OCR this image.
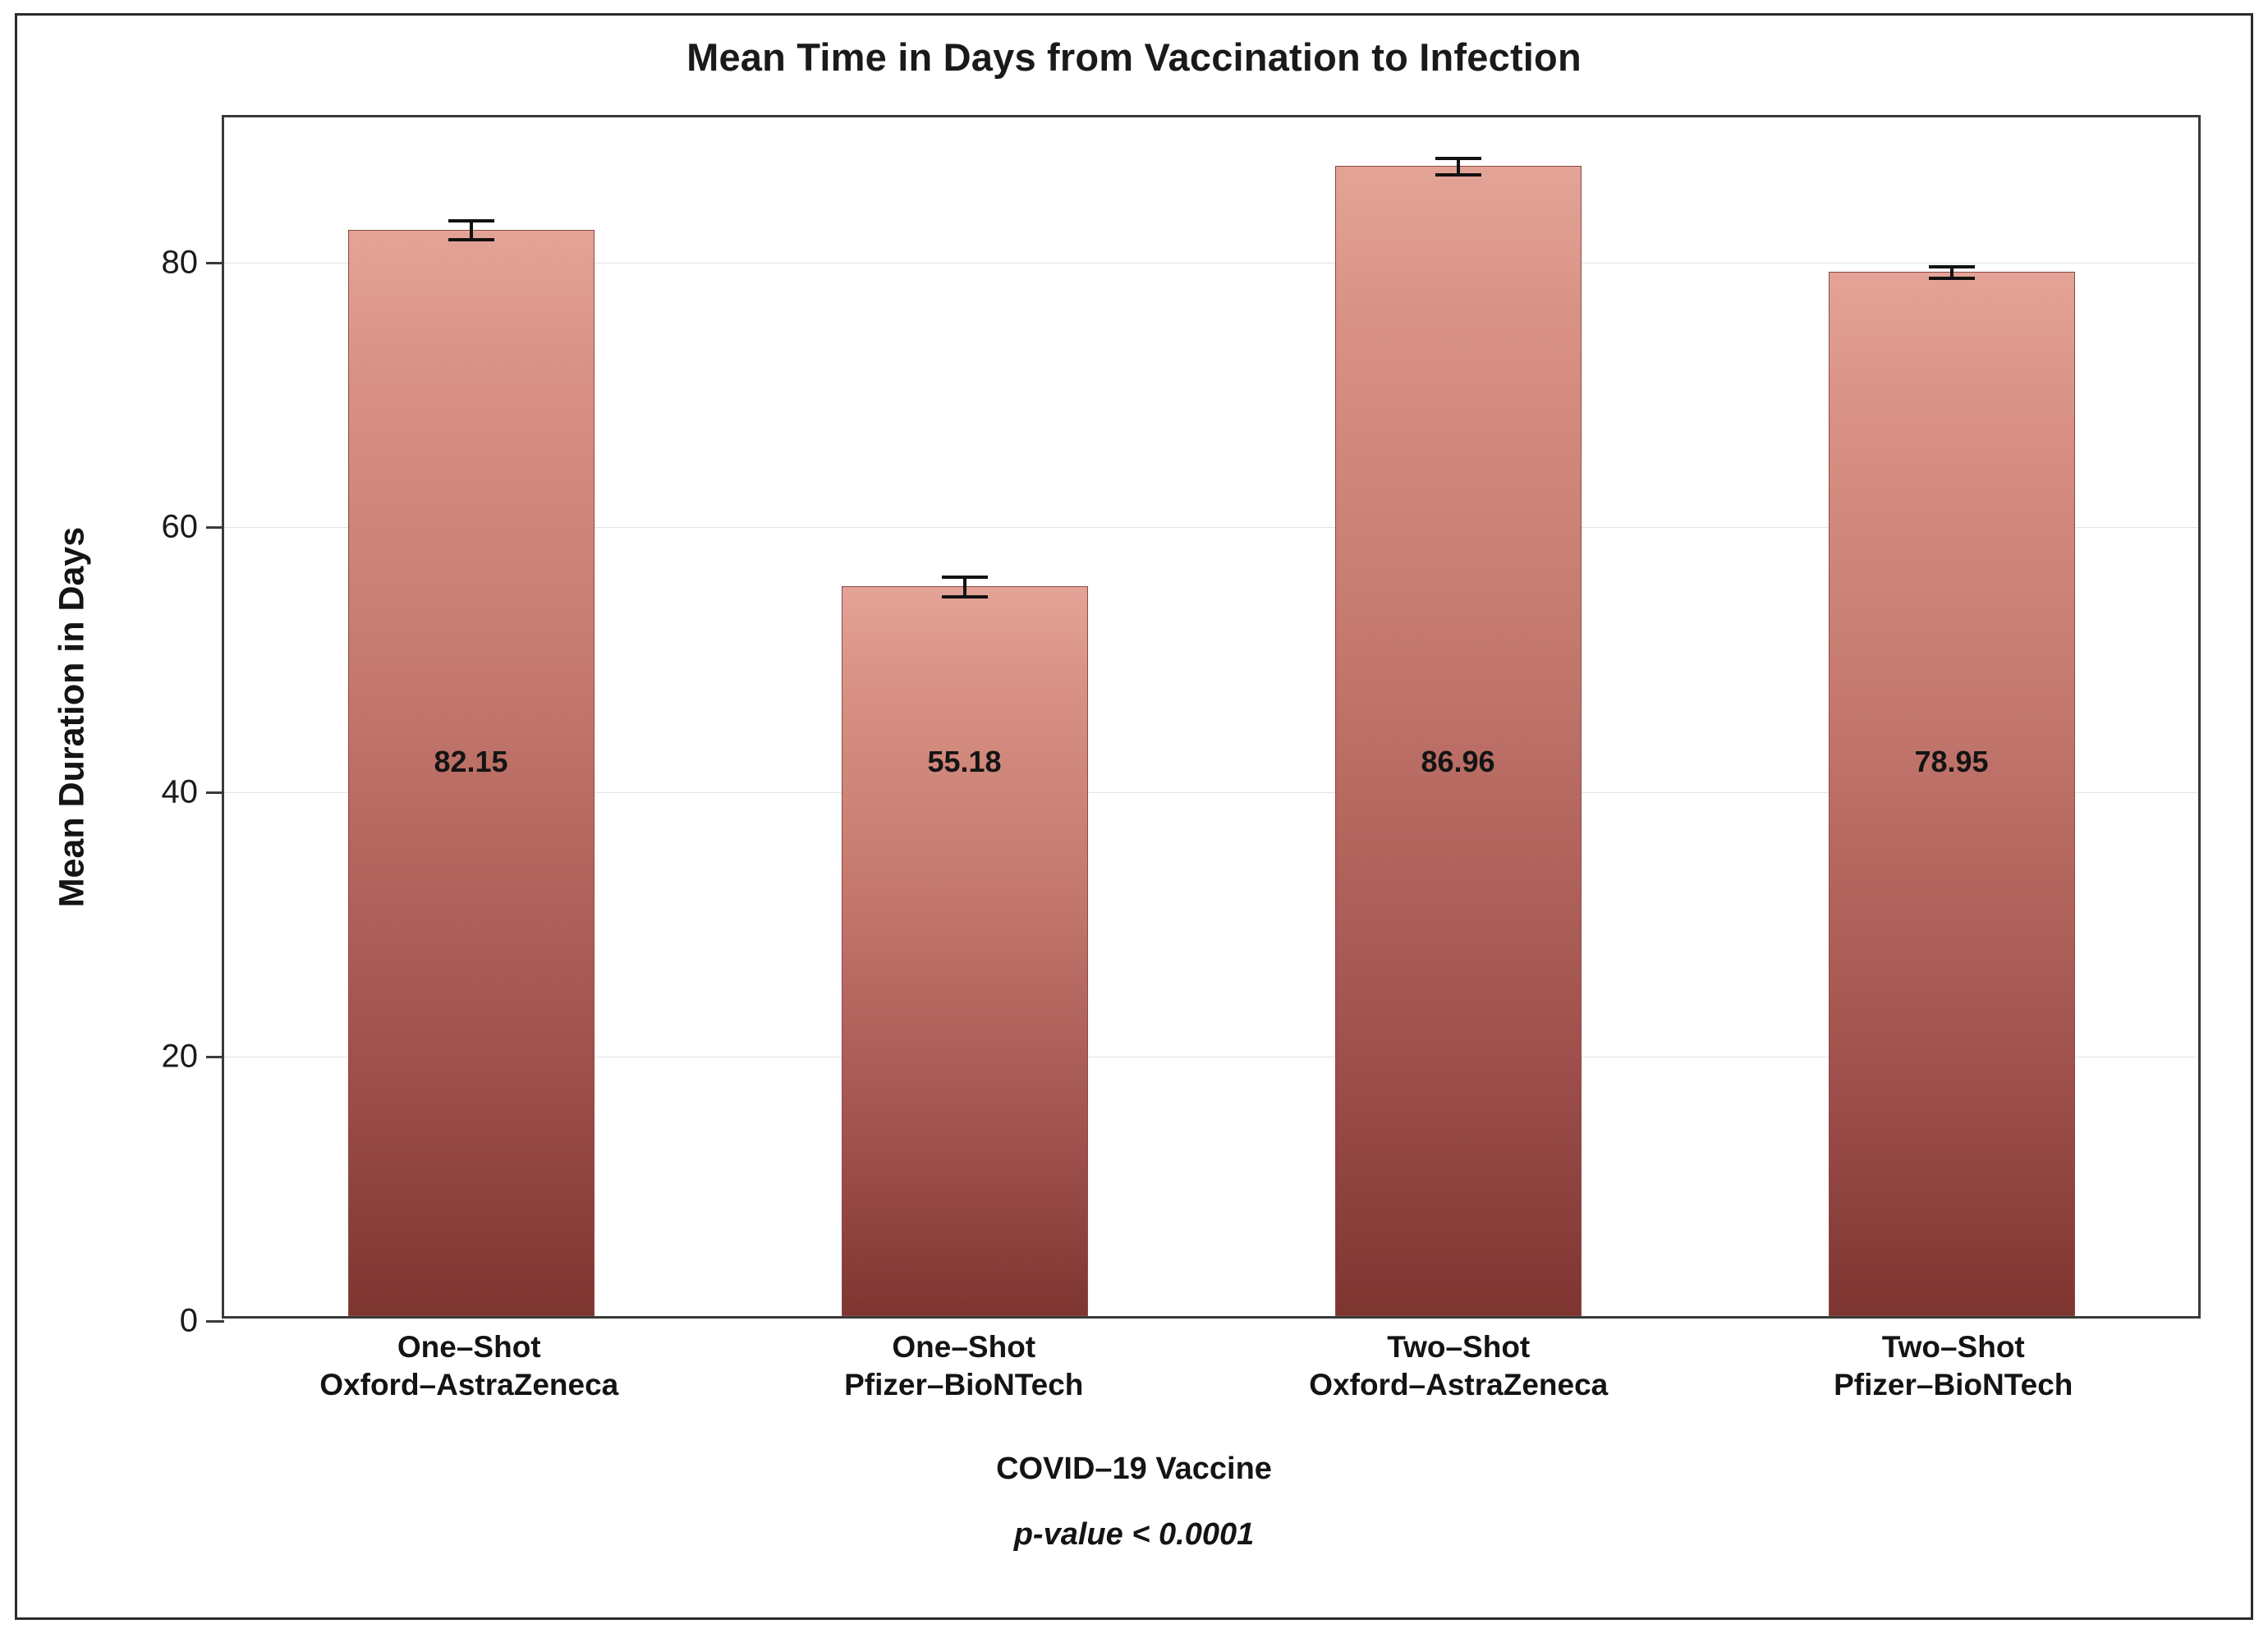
Mean Time in Days from Vaccination to Infection
Mean Duration in Days
0
20
40
60
80
82.15	55.18	86.96	78.95
One–Shot
Oxford–AstraZeneca
One–Shot
Pfizer–BioNTech
Two–Shot
Oxford–AstraZeneca
Two–Shot
Pfizer–BioNTech
COVID–19 Vaccine
p-value < 0.0001
